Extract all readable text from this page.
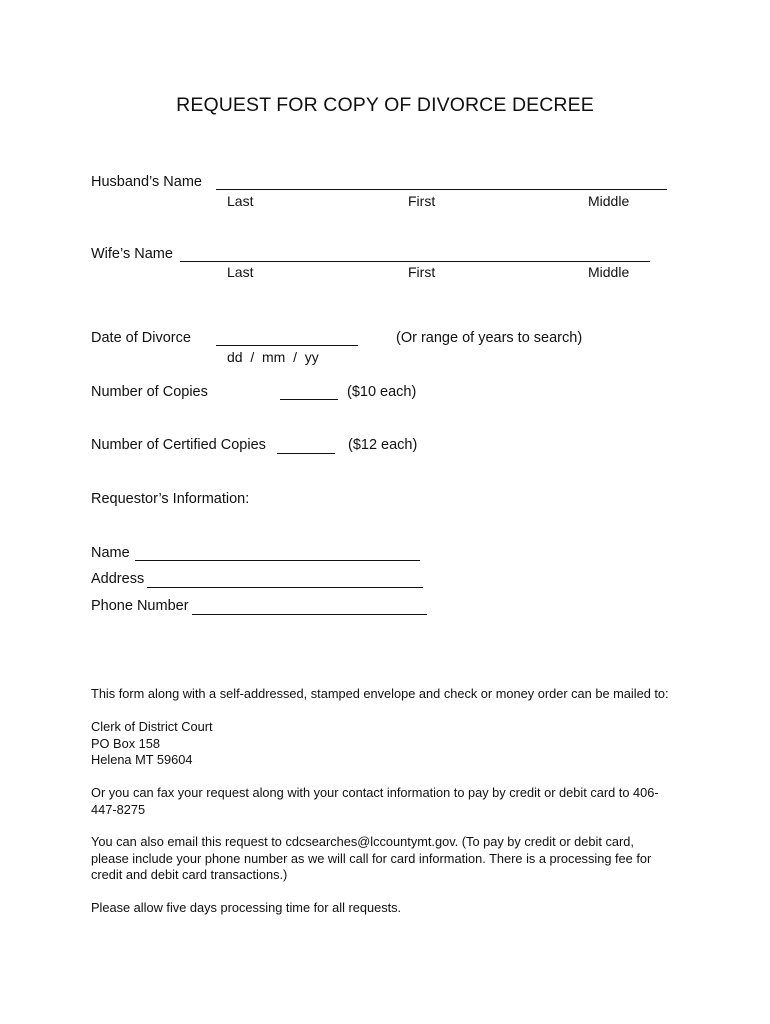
REQUEST FOR COPY OF DIVORCE DECREE
Husband’s Name
Last	First	Middle
Wife’s Name
Last	First	Middle
Date of Divorce	(Or range of years to search)
dd  /  mm  /  yy
Number of Copies	($10 each)
Number of Certified Copies	($12 each)
Requestor’s Information:
Name
Address
Phone Number
This form along with a self-addressed, stamped envelope and check or money order can be mailed to:
Clerk of District Court
PO Box 158
Helena MT 59604
Or you can fax your request along with your contact information to pay by credit or debit card to 406-447-8275
You can also email this request to cdcsearches@lccountymt.gov. (To pay by credit or debit card, please include your phone number as we will call for card information. There is a processing fee for credit and debit card transactions.)
Please allow five days processing time for all requests.
